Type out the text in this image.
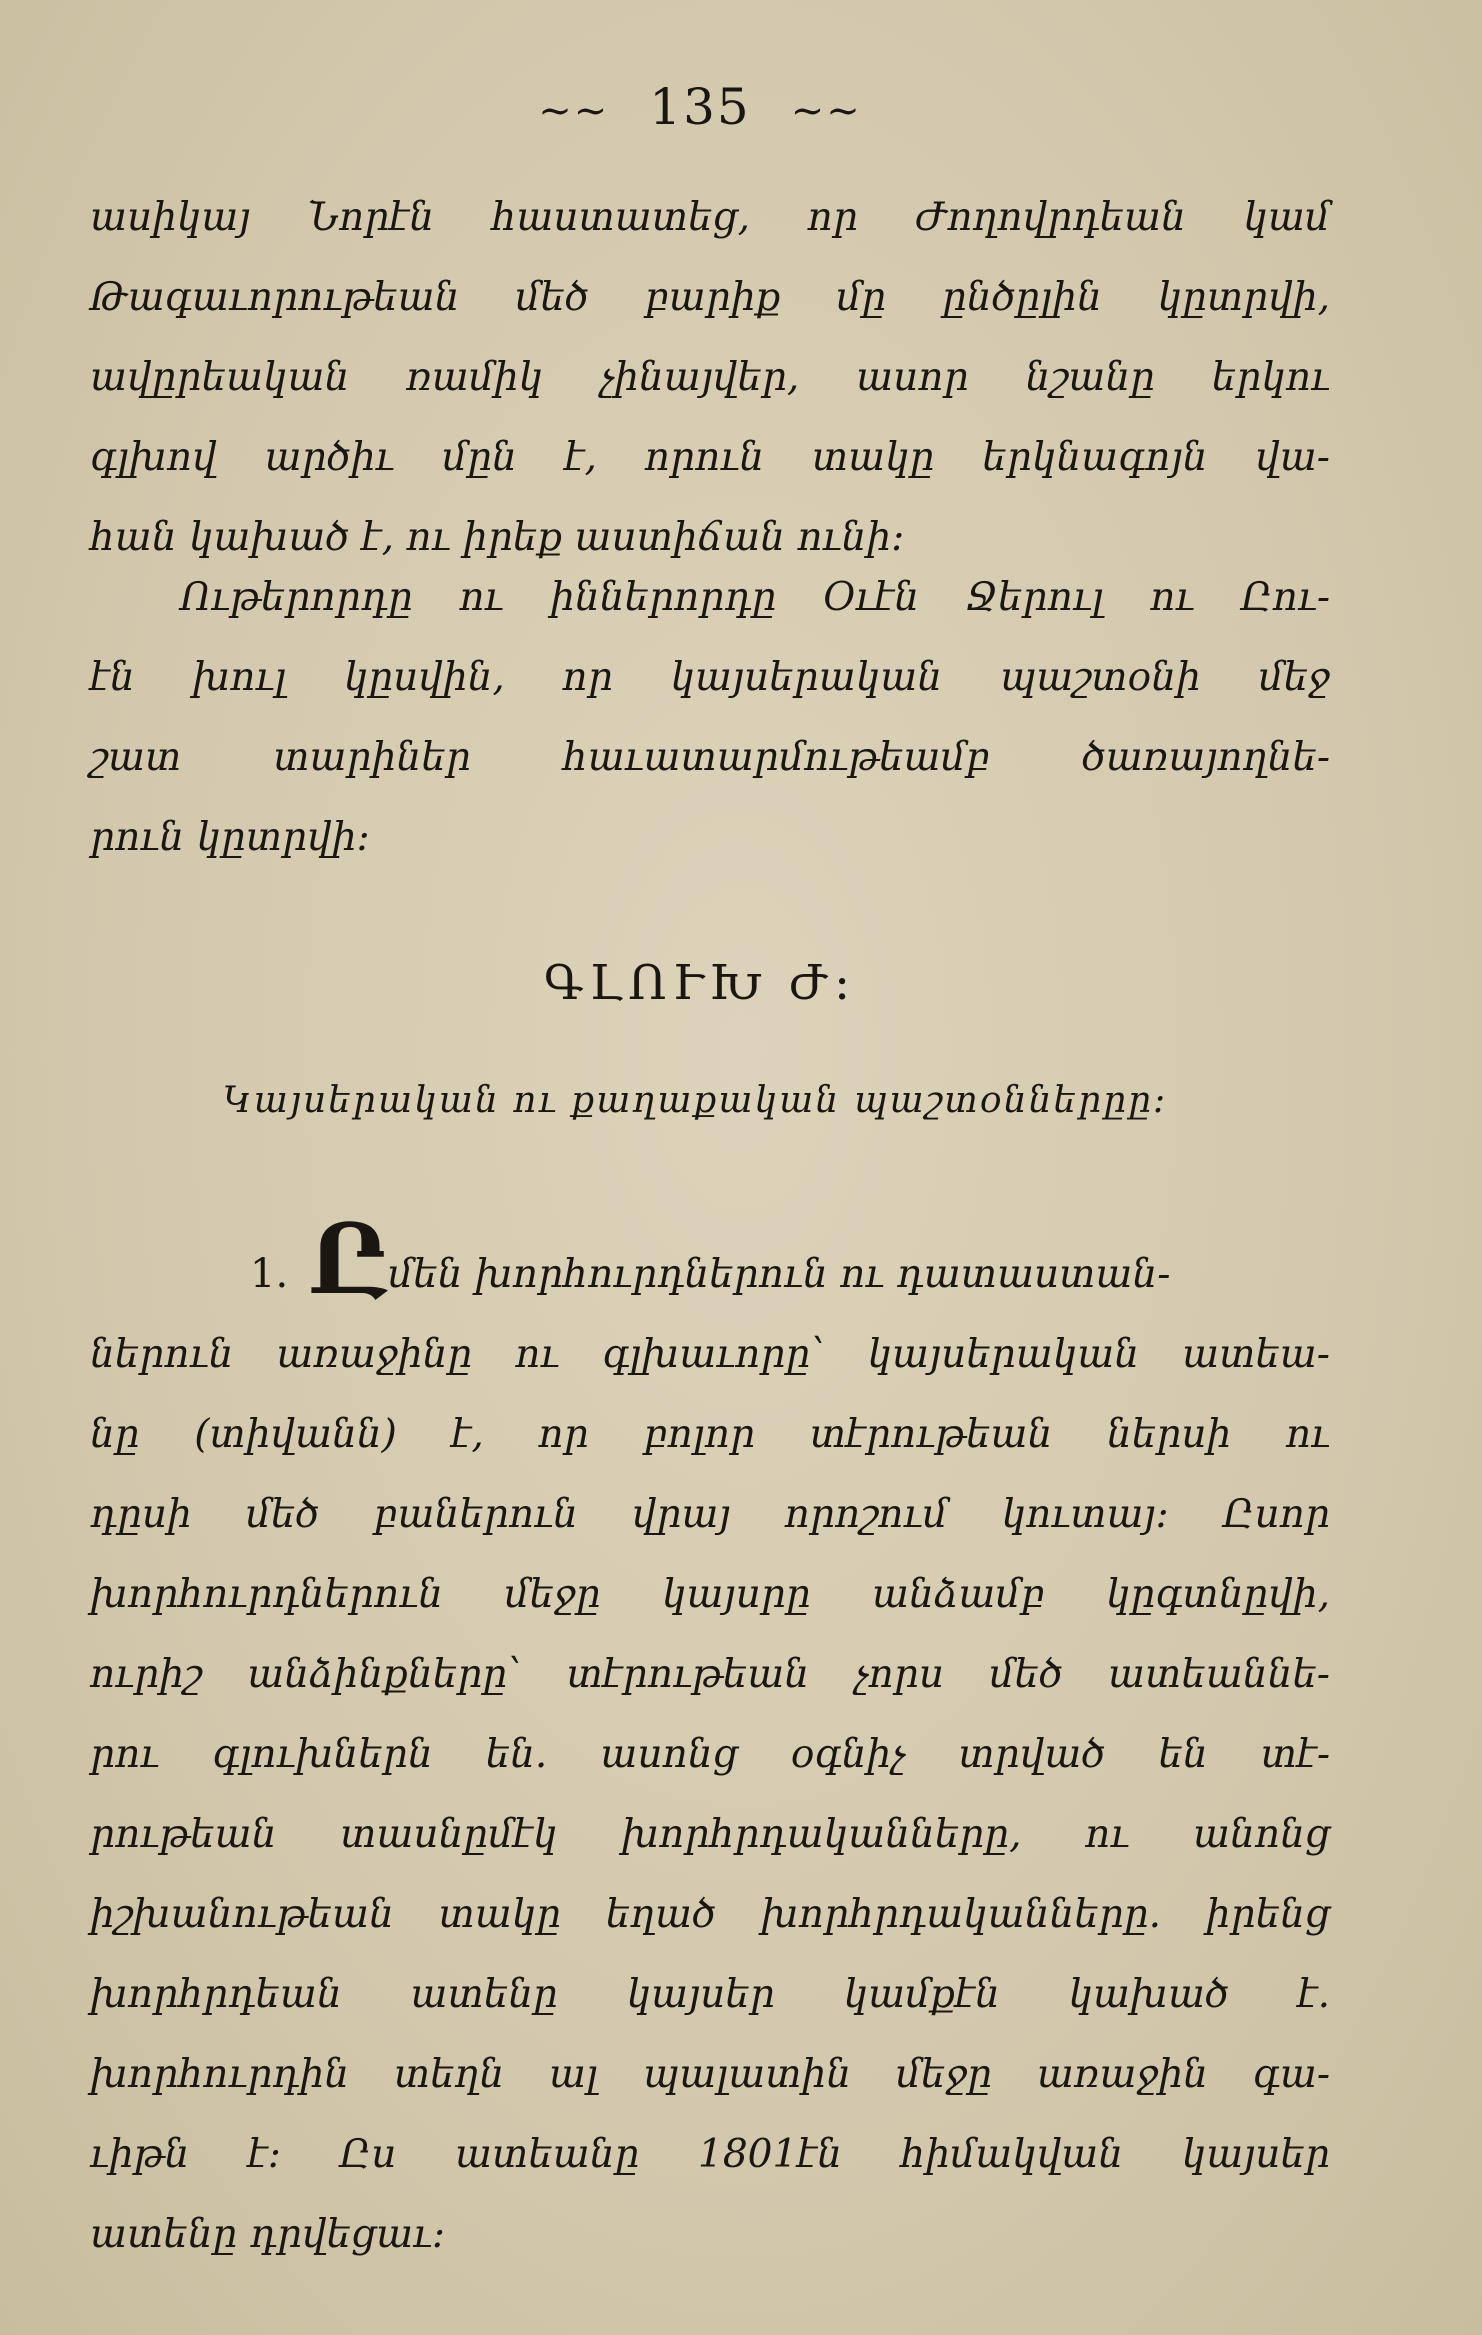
~~ 135 ~~
ասիկայ Նորէն հաստատեց, որ Ժողովրդեան կամ
Թագաւորութեան մեծ բարիք մը ընծըլին կըտրվի,
ավըրեական ռամիկ չինայվեր, ասոր նշանը երկու
գլխով արծիւ մըն է, որուն տակը երկնագոյն վա-
հան կախած է, ու իրեք աստիճան ունի։
Ութերորդը ու իններորդը Օւէն Ջերուլ ու Ըու-
էն խուլ կըսվին, որ կայսերական պաշտօնի մեջ
շատ տարիներ հաւատարմութեամբ ծառայողնե-
րուն կըտրվի։
ԳԼՈՒԽ Ժ։
Կայսերական ու քաղաքական պաշտօններըը։
1. Ըմեն խորհուրդներուն ու դատաստան-
ներուն առաջինը ու գլխաւորը՝ կայսերական ատեա-
նը (տիվանն) է, որ բոլոր տէրութեան ներսի ու
դըսի մեծ բաներուն վրայ որոշում կուտայ։ Ըսոր
խորհուրդներուն մեջը կայսրը անձամբ կըգտնըվի,
ուրիշ անձինքները՝ տէրութեան չորս մեծ ատեաննե-
րու գլուխներն են. ասոնց օգնիչ տրված են տէ-
րութեան տասնըմէկ խորհրդականները, ու անոնց
իշխանութեան տակը եղած խորհրդականները. իրենց
խորհրդեան ատենը կայսեր կամքէն կախած է.
խորհուրդին տեղն ալ պալատին մեջը առաջին գա-
ւիթն է։ Ըս ատեանը 1801էն հիմակվան կայսեր
ատենը դրվեցաւ։
